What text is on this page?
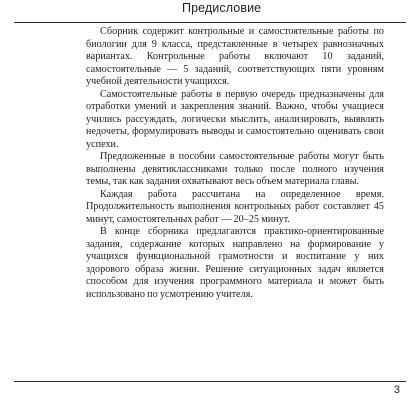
Предисловие

Сборник содержит контрольные и самостоятельные работы по биологии для 9 класса, представленные в четырех равнозначных вариантах. Контрольные работы включают 10 заданий, самостоятельные — 5 заданий, соответствующих пяти уровням учебной деятельности учащихся.

Самостоятельные работы в первую очередь предназначены для отработки умений и закрепления знаний. Важно, чтобы учащиеся учились рассуждать, логически мыслить, анализировать, выявлять недочеты, формулировать выводы и самостоятельно оценивать свои успехи.

Предложенные в пособии самостоятельные работы могут быть выполнены девятиклассниками только после полного изучения темы, так как задания охватывают весь объем материала главы.

Каждая работа рассчитана на определенное время. Продолжительность выполнения контрольных работ составляет 45 минут, самостоятельных работ — 20–25 минут.

В конце сборника предлагаются практико-ориентированные задания, содержание которых направлено на формирование у учащихся функциональной грамотности и воспитание у них здорового образа жизни. Решение ситуационных задач является способом для изучения программного материала и может быть использовано по усмотрению учителя.

3
